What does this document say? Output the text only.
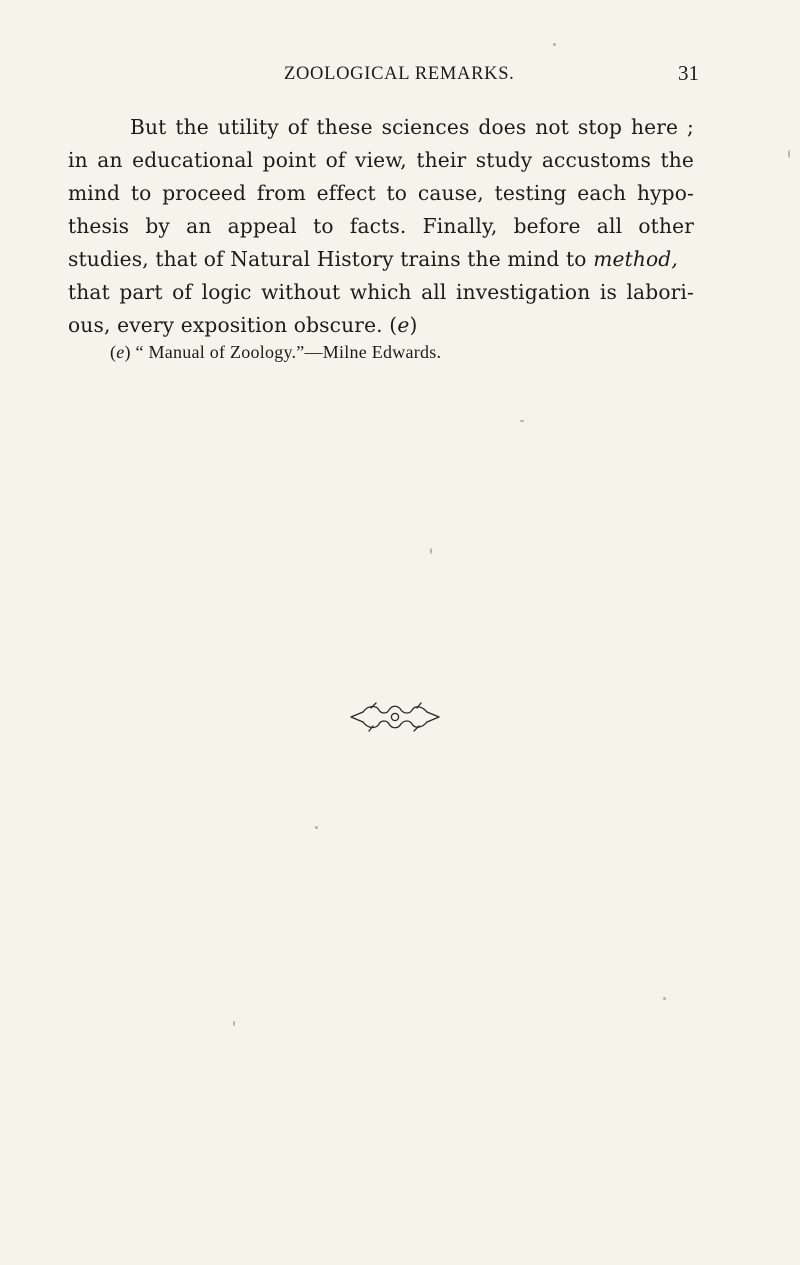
ZOOLOGICAL REMARKS.	31
But the utility of these sciences does not stop here ;
in an educational point of view, their study accustoms the
mind to proceed from effect to cause, testing each hypo-
thesis by an appeal to facts. Finally, before all other
studies, that of Natural History trains the mind to method,
that part of logic without which all investigation is labori-
ous, every exposition obscure. (e)
(e) “ Manual of Zoology.”—Milne Edwards.
